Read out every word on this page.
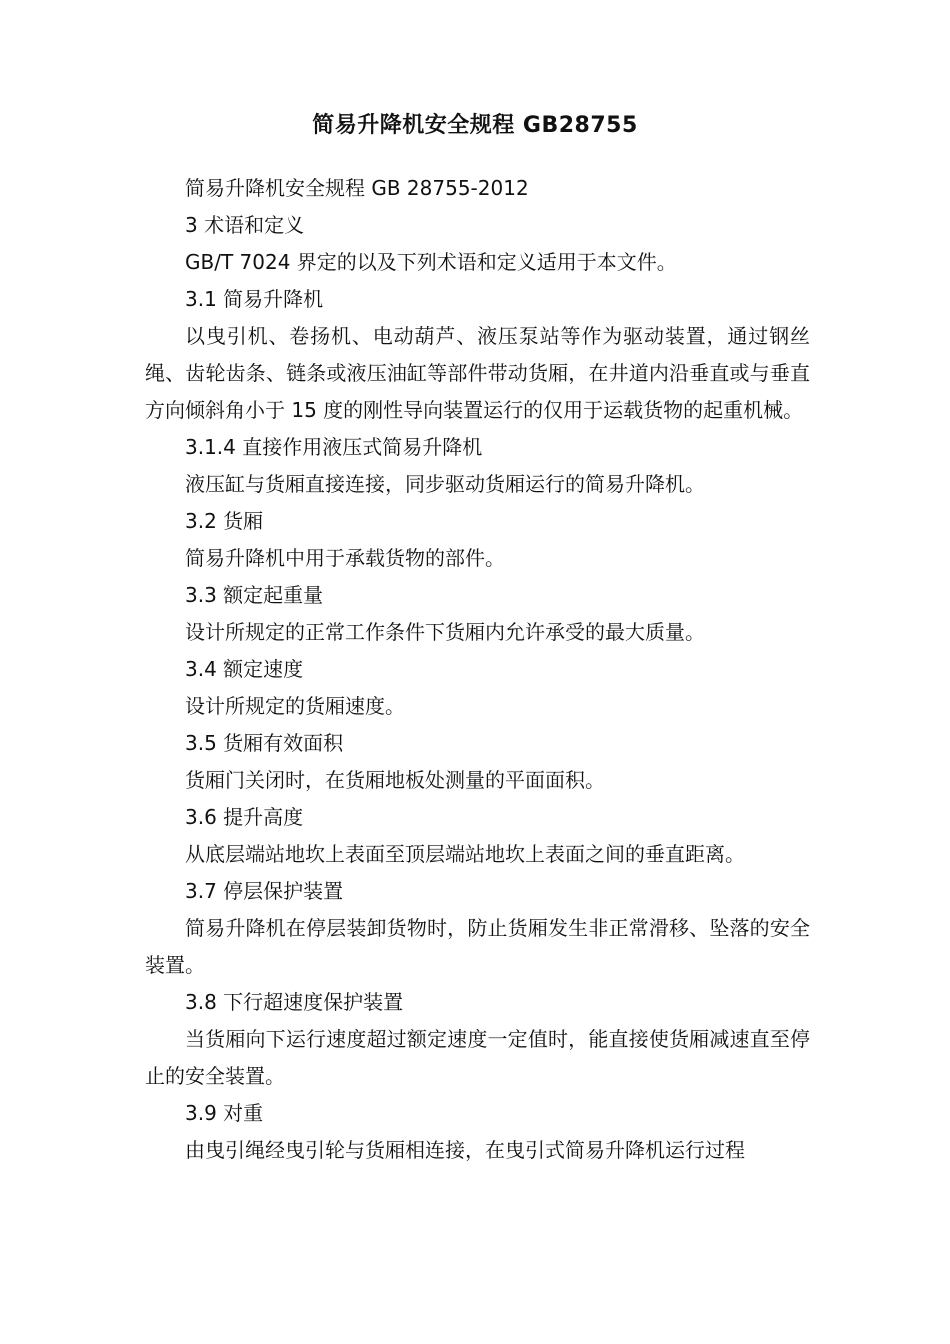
简易升降机安全规程 GB28755

简易升降机安全规程 GB 28755-2012

3 术语和定义

GB/T 7024 界定的以及下列术语和定义适用于本文件。

3.1 简易升降机

以曳引机、卷扬机、电动葫芦、液压泵站等作为驱动装置，通过钢丝绳、齿轮齿条、链条或液压油缸等部件带动货厢，在井道内沿垂直或与垂直方向倾斜角小于 15 度的刚性导向装置运行的仅用于运载货物的起重机械。

3.1.4 直接作用液压式简易升降机

液压缸与货厢直接连接，同步驱动货厢运行的简易升降机。

3.2 货厢

简易升降机中用于承载货物的部件。

3.3 额定起重量

设计所规定的正常工作条件下货厢内允许承受的最大质量。

3.4 额定速度

设计所规定的货厢速度。

3.5 货厢有效面积

货厢门关闭时，在货厢地板处测量的平面面积。

3.6 提升高度

从底层端站地坎上表面至顶层端站地坎上表面之间的垂直距离。

3.7 停层保护装置

简易升降机在停层装卸货物时，防止货厢发生非正常滑移、坠落的安全装置。

3.8 下行超速度保护装置

当货厢向下运行速度超过额定速度一定值时，能直接使货厢减速直至停止的安全装置。

3.9 对重

由曳引绳经曳引轮与货厢相连接，在曳引式简易升降机运行过程
